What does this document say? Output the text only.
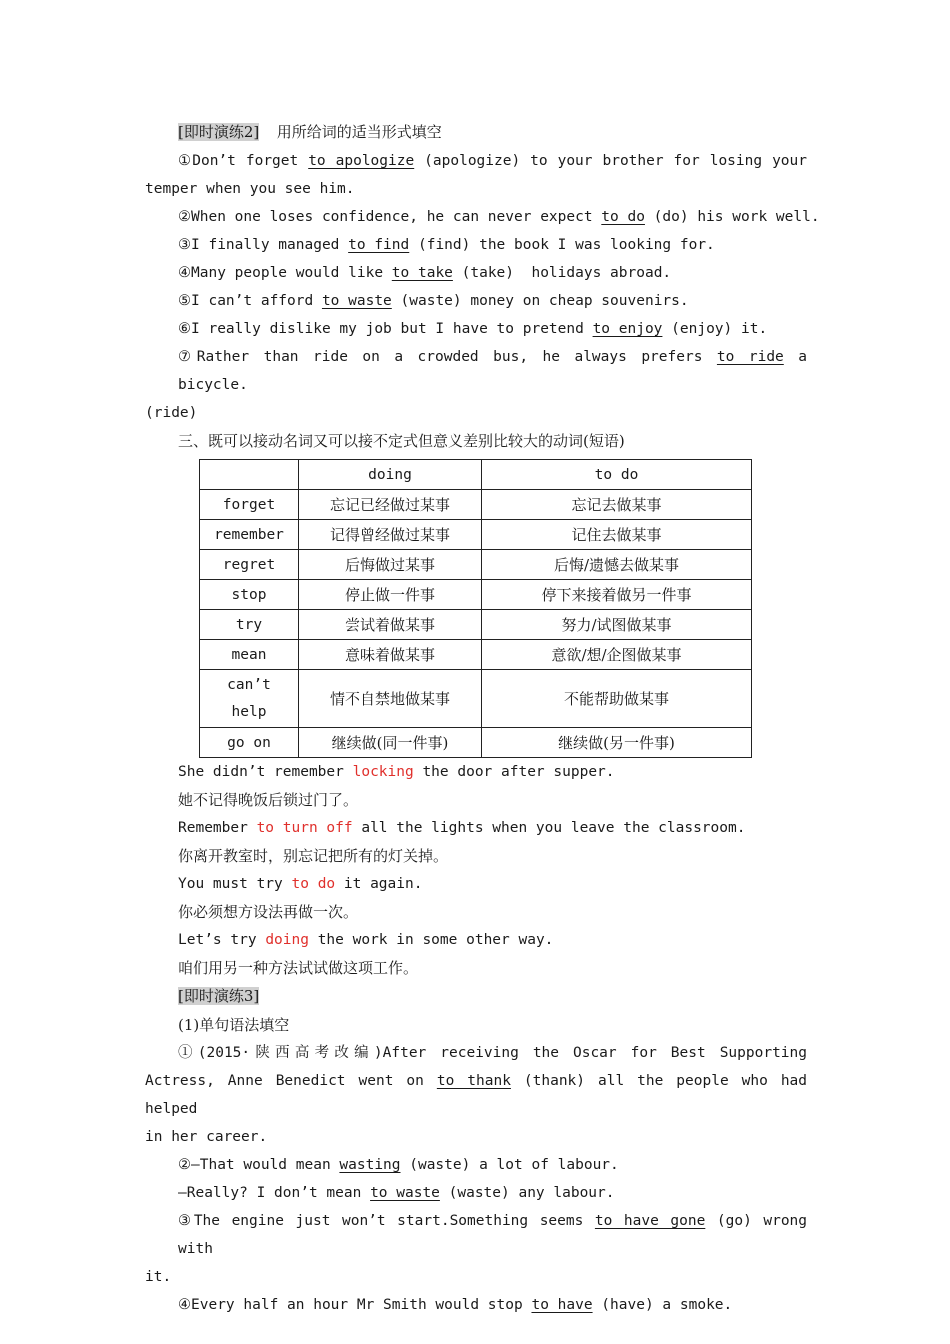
[即时演练2] 用所给词的适当形式填空
①Don’t forget to apologize (apologize) to your brother for losing your
temper when you see him.
②When one loses confidence, he can never expect to do (do) his work well.
③I finally managed to find (find) the book I was looking for.
④Many people would like to take (take)  holidays abroad.
⑤I can’t afford to waste (waste) money on cheap souvenirs.
⑥I really dislike my job but I have to pretend to enjoy (enjoy) it.
⑦Rather than ride on a crowded bus, he always prefers to ride a bicycle.
(ride)
三、既可以接动名词又可以接不定式但意义差别比较大的动词(短语)
	doing	to do
forget	忘记已经做过某事	忘记去做某事
remember	记得曾经做过某事	记住去做某事
regret	后悔做过某事	后悔/遗憾去做某事
stop	停止做一件事	停下来接着做另一件事
try	尝试着做某事	努力/试图做某事
mean	意味着做某事	意欲/想/企图做某事
can’t
help	情不自禁地做某事	不能帮助做某事
go on	继续做(同一件事)	继续做(另一件事)
She didn’t remember locking the door after supper.
她不记得晚饭后锁过门了。
Remember to turn off all the lights when you leave the classroom.
你离开教室时，别忘记把所有的灯关掉。
You must try to do it again.
你必须想方设法再做一次。
Let’s try doing the work in some other way.
咱们用另一种方法试试做这项工作。
[即时演练3]
(1)单句语法填空
①(2015·陕西高考改编)After receiving the Oscar for Best Supporting
Actress, Anne Benedict went on to thank (thank) all the people who had helped
in her career.
②—That would mean wasting (waste) a lot of labour.
—Really? I don’t mean to waste (waste) any labour.
③The engine just won’t start.Something seems to have gone (go) wrong with
it.
④Every half an hour Mr Smith would stop to have (have) a smoke.
